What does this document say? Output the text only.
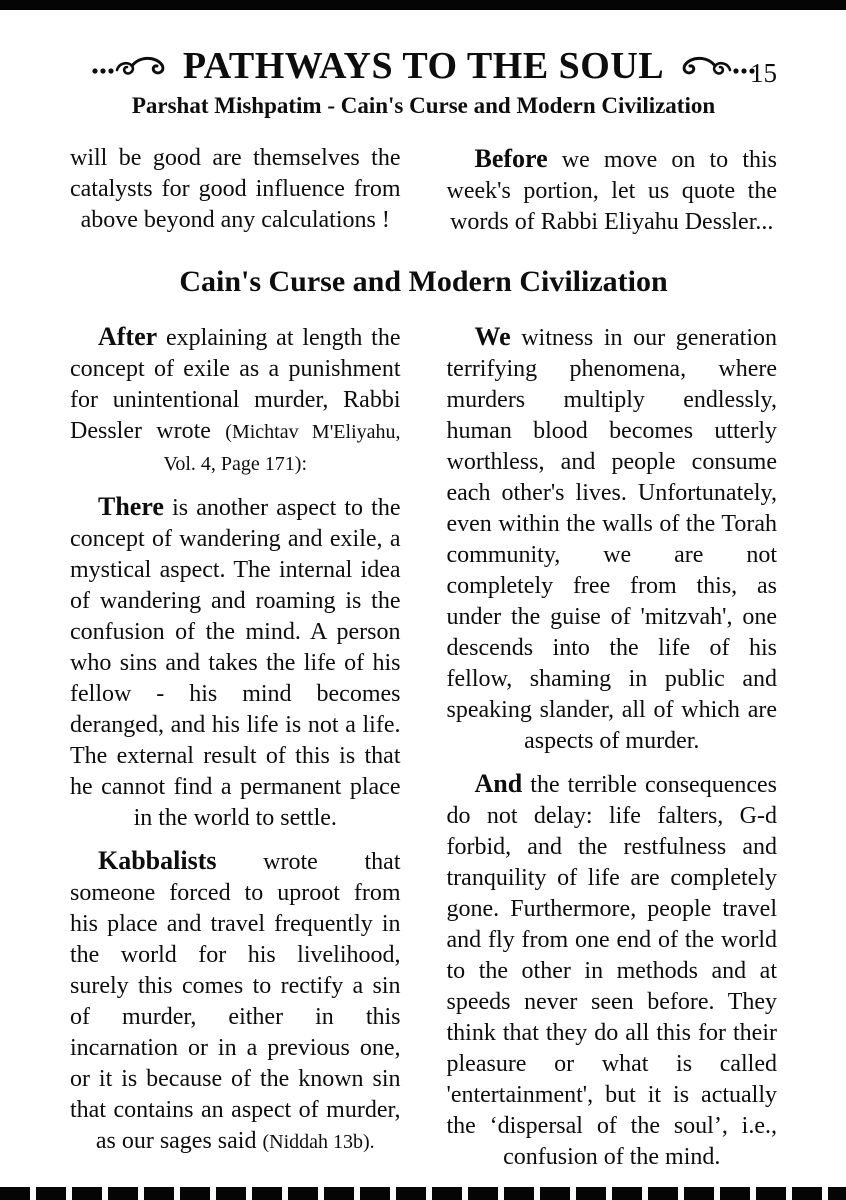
PATHWAYS TO THE SOUL	15
Parshat Mishpatim - Cain's Curse and Modern Civilization

will be good are themselves the catalysts for good influence from above beyond any calculations !

Before we move on to this week's portion, let us quote the words of Rabbi Eliyahu Dessler...

Cain's Curse and Modern Civilization

After explaining at length the concept of exile as a punishment for unintentional murder, Rabbi Dessler wrote (Michtav M'Eliyahu, Vol. 4, Page 171):

There is another aspect to the concept of wandering and exile, a mystical aspect. The internal idea of wandering and roaming is the confusion of the mind. A person who sins and takes the life of his fellow - his mind becomes deranged, and his life is not a life. The external result of this is that he cannot find a permanent place in the world to settle.

Kabbalists wrote that someone forced to uproot from his place and travel frequently in the world for his livelihood, surely this comes to rectify a sin of murder, either in this incarnation or in a previous one, or it is because of the known sin that contains an aspect of murder, as our sages said (Niddah 13b).

We witness in our generation terrifying phenomena, where murders multiply endlessly, human blood becomes utterly worthless, and people consume each other's lives. Unfortunately, even within the walls of the Torah community, we are not completely free from this, as under the guise of 'mitzvah', one descends into the life of his fellow, shaming in public and speaking slander, all of which are aspects of murder.

And the terrible consequences do not delay: life falters, G-d forbid, and the restfulness and tranquility of life are completely gone. Furthermore, people travel and fly from one end of the world to the other in methods and at speeds never seen before. They think that they do all this for their pleasure or what is called 'entertainment', but it is actually the ‘dispersal of the soul’, i.e., confusion of the mind.
